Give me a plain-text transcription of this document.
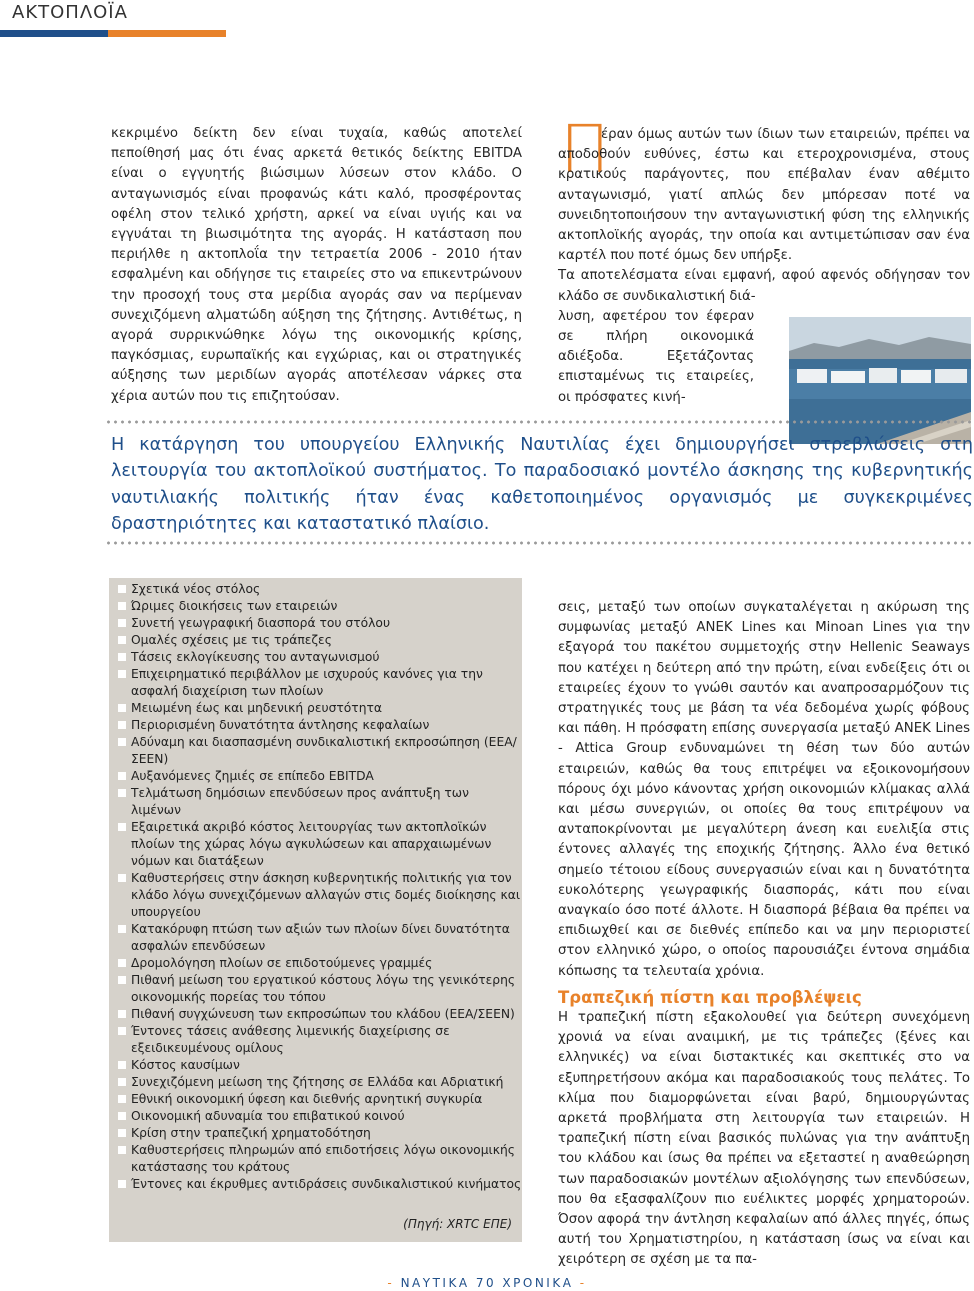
ΑΚΤΟΠΛΟΪΑ

κεκριμένο δείκτη δεν είναι τυχαία, καθώς αποτελεί πεποίθησή μας ότι ένας αρκετά θετικός δείκτης EBITDA είναι ο εγγυητής βιώσιμων λύσεων στον κλάδο. Ο ανταγωνισμός είναι προφανώς κάτι καλό, προσφέροντας οφέλη στον τελικό χρήστη, αρκεί να είναι υγιής και να εγγυάται τη βιωσιμότητα της αγοράς. Η κατάσταση που περιήλθε η ακτοπλοΐα την τετραετία 2006 - 2010 ήταν εσφαλμένη και οδήγησε τις εταιρείες στο να επικεντρώνουν την προσοχή τους στα μερίδια αγοράς σαν να περίμεναν συνεχιζόμενη αλματώδη αύξηση της ζήτησης. Αντιθέτως, η αγορά συρρικνώθηκε λόγω της οικονομικής κρίσης, παγκόσμιας, ευρωπαϊκής και εγχώριας, και οι στρατηγικές αύξησης των μεριδίων αγοράς αποτέλεσαν νάρκες στα χέρια αυτών που τις επιζητούσαν.

Π

έραν όμως αυτών των ίδιων των εταιρειών, πρέπει να αποδοθούν ευθύνες, έστω και ετεροχρονισμένα, στους κρατικούς παράγοντες, που επέβαλαν έναν αθέμιτο ανταγωνισμό, γιατί απλώς δεν μπόρεσαν ποτέ να συνειδητοποιήσουν την ανταγωνιστική φύση της ελληνικής ακτοπλοϊκής αγοράς, την οποία και αντιμετώπισαν σαν ένα καρτέλ που ποτέ όμως δεν υπήρξε.

Τα αποτελέσματα είναι εμφανή, αφού αφενός οδήγησαν τον κλάδο σε συνδικαλιστική διά-

λυση, αφετέρου τον έφεραν σε πλήρη οικονομικά αδιέξοδα. Εξετάζοντας επισταμένως τις εταιρείες, οι πρόσφατες κινή-

Η κατάργηση του υπουργείου Ελληνικής Ναυτιλίας έχει δημιουργήσει στρεβλώσεις στη λειτουργία του ακτοπλοϊκού συστήματος. Το παραδοσιακό μοντέλο άσκησης της κυβερνητικής ναυτιλιακής πολιτικής ήταν ένας καθετοποιημένος οργανισμός με συγκεκριμένες δραστηριότητες και καταστατικό πλαίσιο.
Σχετικά νέος στόλος
Ώριμες διοικήσεις των εταιρειών
Συνετή γεωγραφική διασπορά του στόλου
Ομαλές σχέσεις με τις τράπεζες
Τάσεις εκλογίκευσης του ανταγωνισμού
Επιχειρηματικό περιβάλλον με ισχυρούς κανόνες για την ασφαλή διαχείριση των πλοίων
Μειωμένη έως και μηδενική ρευστότητα
Περιορισμένη δυνατότητα άντλησης κεφαλαίων
Αδύναμη και διασπασμένη συνδικαλιστική εκπροσώπηση (ΕΕΑ/ΣΕΕΝ)
Αυξανόμενες ζημιές σε επίπεδο EBITDA
Τελμάτωση δημόσιων επενδύσεων προς ανάπτυξη των λιμένων
Εξαιρετικά ακριβό κόστος λειτουργίας των ακτοπλοϊκών πλοίων της χώρας λόγω αγκυλώσεων και απαρχαιωμένων νόμων και διατάξεων
Καθυστερήσεις στην άσκηση κυβερνητικής πολιτικής για τον κλάδο λόγω συνεχιζόμενων αλλαγών στις δομές διοίκησης και υπουργείου
Κατακόρυφη πτώση των αξιών των πλοίων δίνει δυνατότητα ασφαλών επενδύσεων
Δρομολόγηση πλοίων σε επιδοτούμενες γραμμές
Πιθανή μείωση του εργατικού κόστους λόγω της γενικότερης οικονομικής πορείας του τόπου
Πιθανή συγχώνευση των εκπροσώπων του κλάδου (ΕΕΑ/ΣΕΕΝ)
Έντονες τάσεις ανάθεσης λιμενικής διαχείρισης σε εξειδικευμένους ομίλους
Κόστος καυσίμων
Συνεχιζόμενη μείωση της ζήτησης σε Ελλάδα και Αδριατική
Εθνική οικονομική ύφεση και διεθνής αρνητική συγκυρία
Οικονομική αδυναμία του επιβατικού κοινού
Κρίση στην τραπεζική χρηματοδότηση
Καθυστερήσεις πληρωμών από επιδοτήσεις λόγω οικονομικής κατάστασης του κράτους
Έντονες και έκρυθμες αντιδράσεις συνδικαλιστικού κινήματος
(Πηγή: XRTC ΕΠΕ)

σεις, μεταξύ των οποίων συγκαταλέγεται η ακύρωση της συμφωνίας μεταξύ ΑΝΕΚ Lines και Minoan Lines για την εξαγορά του πακέτου συμμετοχής στην Hellenic Seaways που κατέχει η δεύτερη από την πρώτη, είναι ενδείξεις ότι οι εταιρείες έχουν το γνώθι σαυτόν και αναπροσαρμόζουν τις στρατηγικές τους με βάση τα νέα δεδομένα χωρίς φόβους και πάθη. Η πρόσφατη επίσης συνεργασία μεταξύ ΑΝΕΚ Lines - Attica Group ενδυναμώνει τη θέση των δύο αυτών εταιρειών, καθώς θα τους επιτρέψει να εξοικονομήσουν πόρους όχι μόνο κάνοντας χρήση οικονομιών κλίμακας αλλά και μέσω συνεργιών, οι οποίες θα τους επιτρέψουν να ανταποκρίνονται με μεγαλύτερη άνεση και ευελιξία στις έντονες αλλαγές της εποχικής ζήτησης. Άλλο ένα θετικό σημείο τέτοιου είδους συνεργασιών είναι και η δυνατότητα ευκολότερης γεωγραφικής διασποράς, κάτι που είναι αναγκαίο όσο ποτέ άλλοτε. Η διασπορά βέβαια θα πρέπει να επιδιωχθεί και σε διεθνές επίπεδο και να μην περιοριστεί στον ελληνικό χώρο, ο οποίος παρουσιάζει έντονα σημάδια κόπωσης τα τελευταία χρόνια.

Τραπεζική πίστη και προβλέψεις

Η τραπεζική πίστη εξακολουθεί για δεύτερη συνεχόμενη χρονιά να είναι αναιμική, με τις τράπεζες (ξένες και ελληνικές) να είναι διστακτικές και σκεπτικές στο να εξυπηρετήσουν ακόμα και παραδοσιακούς τους πελάτες. Το κλίμα που διαμορφώνεται είναι βαρύ, δημιουργώντας αρκετά προβλήματα στη λειτουργία των εταιρειών. Η τραπεζική πίστη είναι βασικός πυλώνας για την ανάπτυξη του κλάδου και ίσως θα πρέπει να εξεταστεί η αναθεώρηση των παραδοσιακών μοντέλων αξιολόγησης των επενδύσεων, που θα εξασφαλίζουν πιο ευέλικτες μορφές χρηματοροών. Όσον αφορά την άντληση κεφαλαίων από άλλες πηγές, όπως αυτή του Χρηματιστηρίου, η κατάσταση ίσως να είναι και χειρότερη σε σχέση με τα πα-

- ΝΑΥΤΙΚΑ 70 ΧΡΟΝΙΚΑ -
